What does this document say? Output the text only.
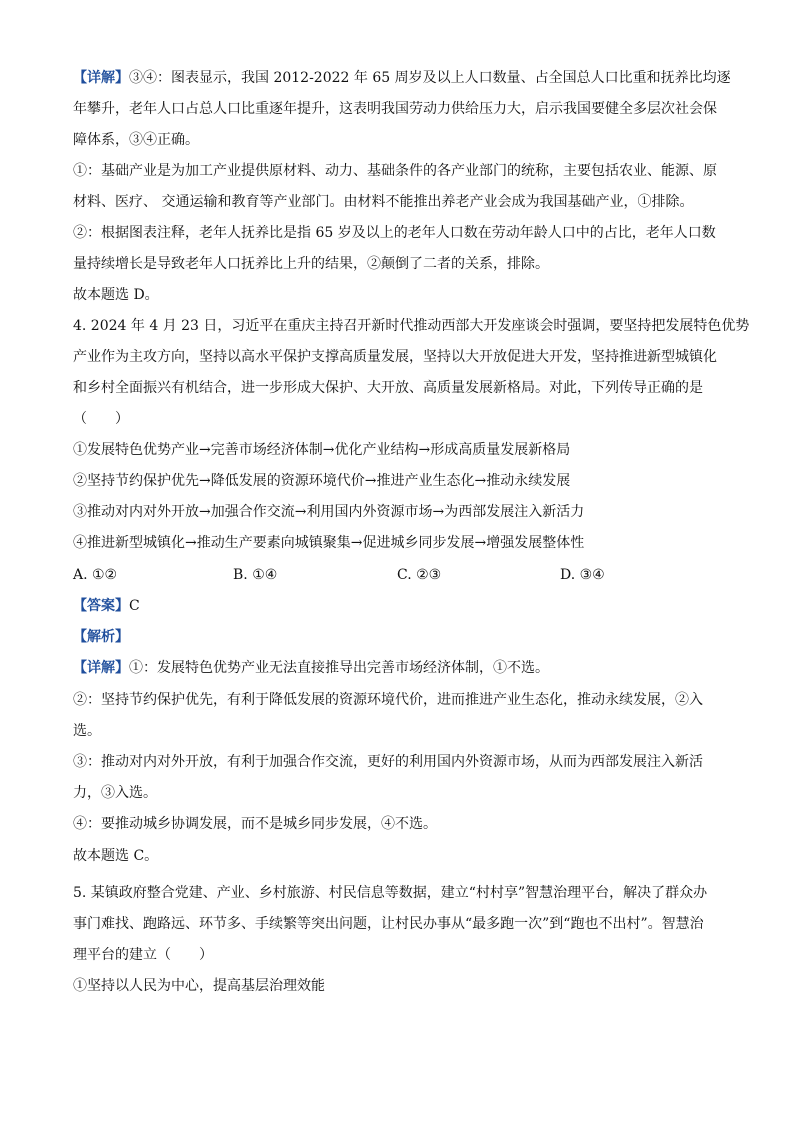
【详解】③④：图表显示，我国 2012-2022 年 65 周岁及以上人口数量、占全国总人口比重和抚养比均逐
年攀升，老年人口占总人口比重逐年提升，这表明我国劳动力供给压力大，启示我国要健全多层次社会保
障体系，③④正确。
①：基础产业是为加工产业提供原材料、动力、基础条件的各产业部门的统称，主要包括农业、能源、原
材料、医疗、 交通运输和教育等产业部门。由材料不能推出养老产业会成为我国基础产业，①排除。
②：根据图表注释，老年人抚养比是指 65 岁及以上的老年人口数在劳动年龄人口中的占比，老年人口数
量持续增长是导致老年人口抚养比上升的结果，②颠倒了二者的关系，排除。
故本题选 D。
4. 2024 年 4 月 23 日，习近平在重庆主持召开新时代推动西部大开发座谈会时强调，要坚持把发展特色优势
产业作为主攻方向，坚持以高水平保护支撑高质量发展，坚持以大开放促进大开发，坚持推进新型城镇化
和乡村全面振兴有机结合，进一步形成大保护、大开放、高质量发展新格局。对此，下列传导正确的是
（　　）
①发展特色优势产业→完善市场经济体制→优化产业结构→形成高质量发展新格局
②坚持节约保护优先→降低发展的资源环境代价→推进产业生态化→推动永续发展
③推动对内对外开放→加强合作交流→利用国内外资源市场→为西部发展注入新活力
④推进新型城镇化→推动生产要素向城镇聚集→促进城乡同步发展→增强发展整体性
A. ①②	B. ①④	C. ②③	D. ③④
【答案】C
【解析】
【详解】①：发展特色优势产业无法直接推导出完善市场经济体制，①不选。
②：坚持节约保护优先，有利于降低发展的资源环境代价，进而推进产业生态化，推动永续发展，②入
选。
③：推动对内对外开放，有利于加强合作交流，更好的利用国内外资源市场，从而为西部发展注入新活
力，③入选。
④：要推动城乡协调发展，而不是城乡同步发展，④不选。
故本题选 C。
5. 某镇政府整合党建、产业、乡村旅游、村民信息等数据，建立“村村享”智慧治理平台，解决了群众办
事门难找、跑路远、环节多、手续繁等突出问题，让村民办事从“最多跑一次”到“跑也不出村”。智慧治
理平台的建立（　　）
①坚持以人民为中心，提高基层治理效能
